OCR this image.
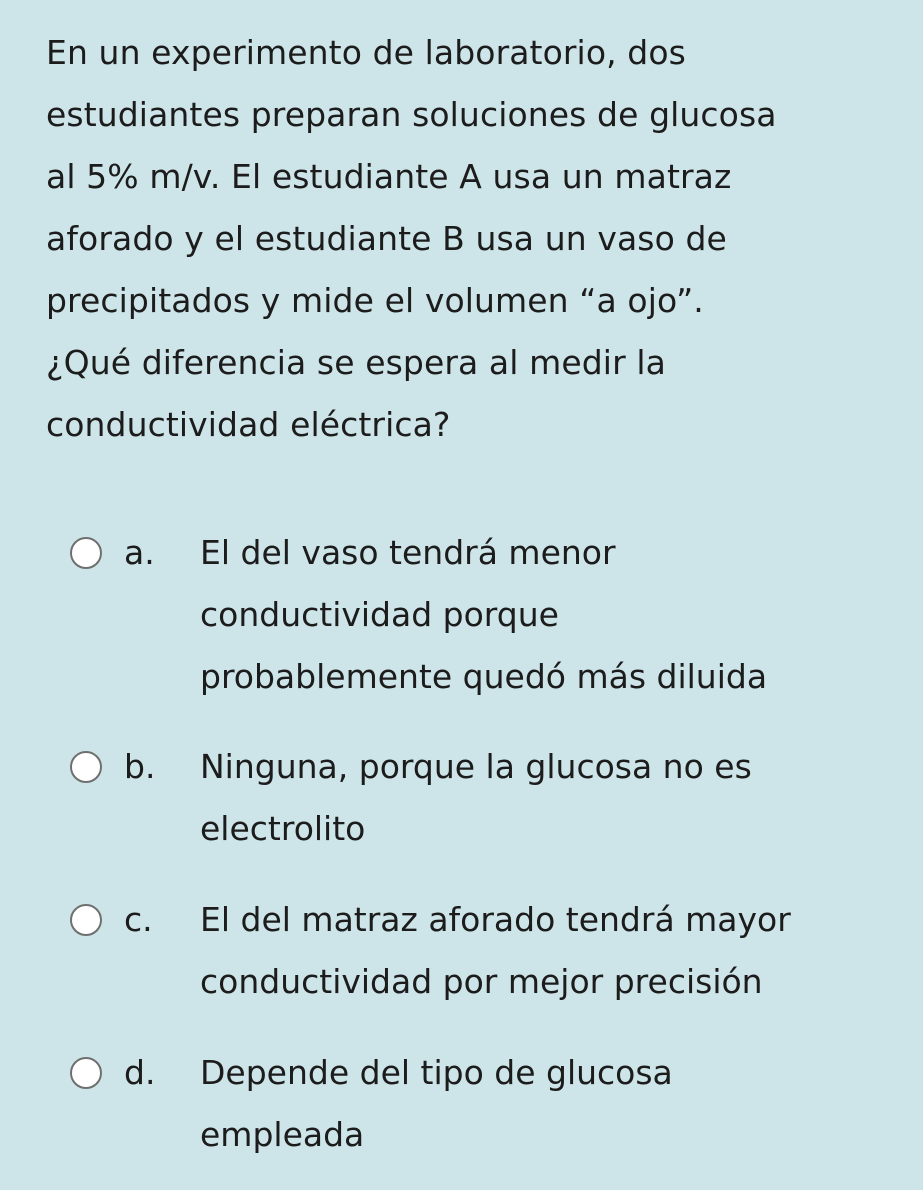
En un experimento de laboratorio, dos
estudiantes preparan soluciones de glucosa
al 5% m/v. El estudiante A usa un matraz
aforado y el estudiante B usa un vaso de
precipitados y mide el volumen “a ojo”.
¿Qué diferencia se espera al medir la
conductividad eléctrica?
a. El del vaso tendrá menor
conductividad porque
probablemente quedó más diluida
b. Ninguna, porque la glucosa no es
electrolito
c. El del matraz aforado tendrá mayor
conductividad por mejor precisión
d. Depende del tipo de glucosa
empleada
